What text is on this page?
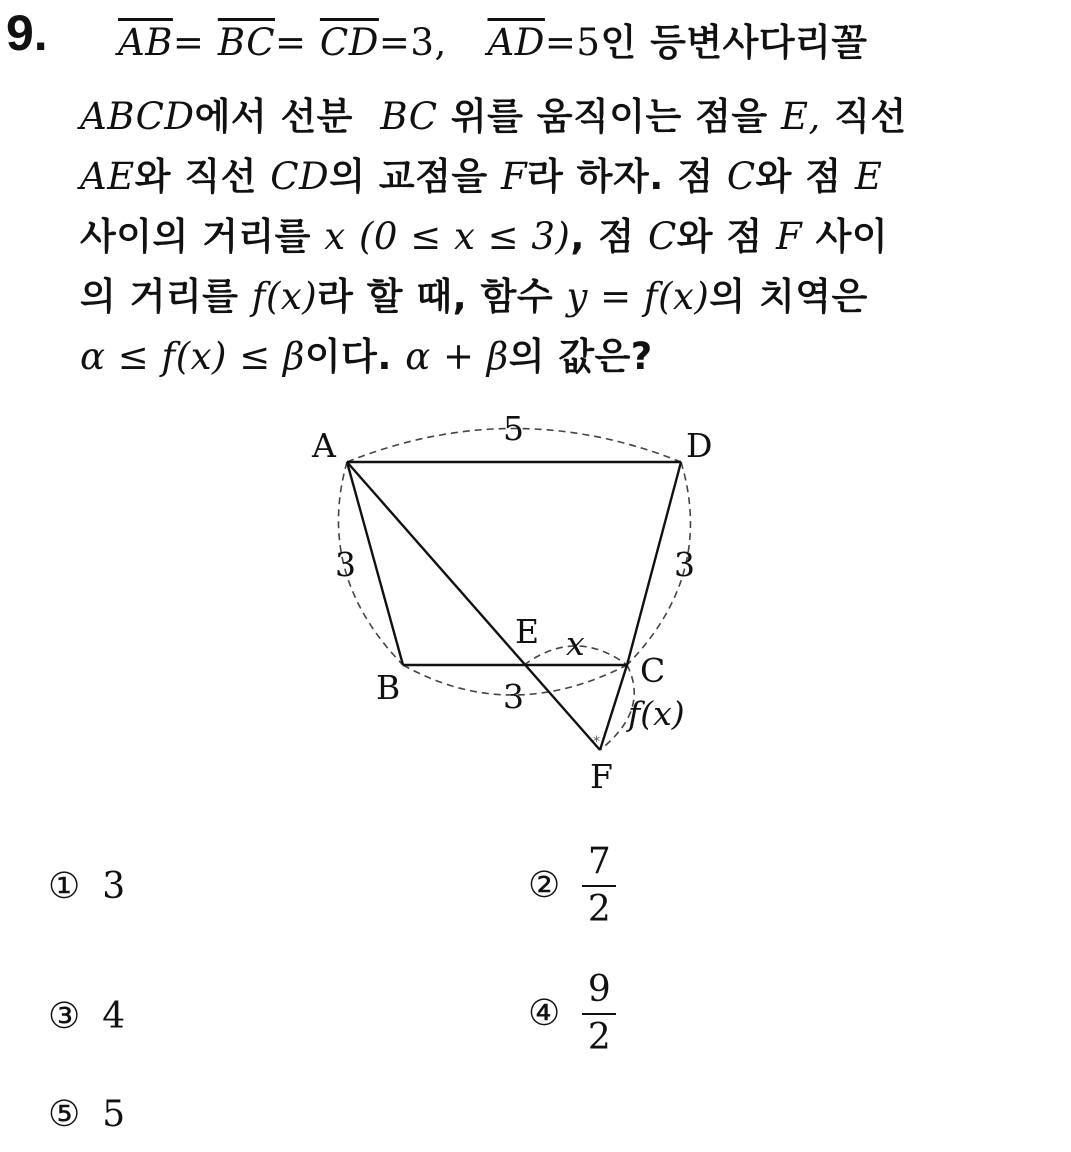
9. $\overline{AB}= \overline{BC}= \overline{CD}=3$, $\overline{AD}=5$인 등변사다리꼴
ABCD에서 선분 BC 위를 움직이는 점을 E, 직선
AE와 직선 CD의 교점을 F라 하자. 점 C와 점 E
사이의 거리를 x (0 ≤ x ≤ 3), 점 C와 점 F 사이
의 거리를 f(x)라 할 때, 함수 y = f(x)의 치역은
α ≤ f(x) ≤ β이다. α + β의 값은?
*
A	D
B	C
E
F
5
3	3
3
x
f(x)
① 3	② $\frac{7}{2}$
③ 4	④ $\frac{9}{2}$
⑤ 5
